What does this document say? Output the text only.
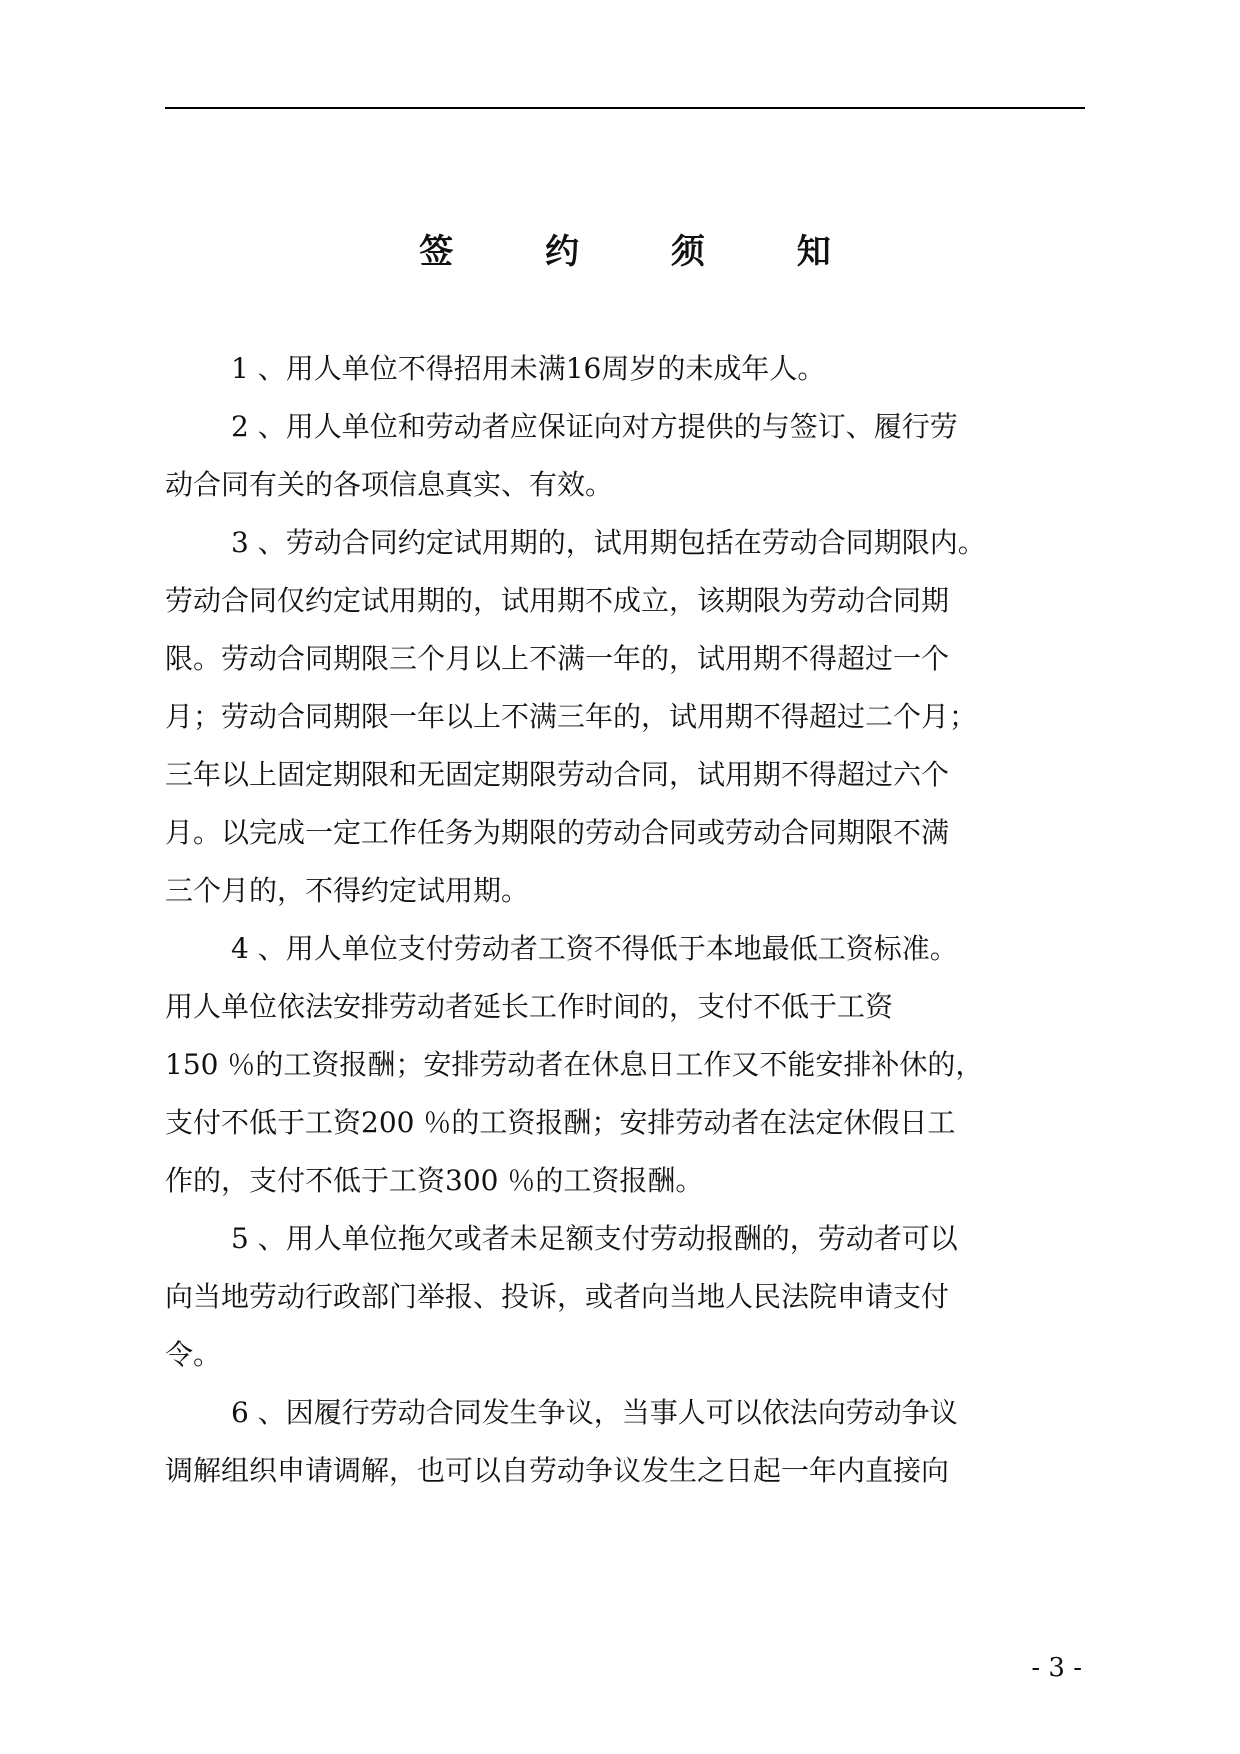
签 约 须 知

1 、用人单位不得招用未满16周岁的未成年人。

2 、用人单位和劳动者应保证向对方提供的与签订、履行劳
动合同有关的各项信息真实、有效。

3 、劳动合同约定试用期的，试用期包括在劳动合同期限内。
劳动合同仅约定试用期的，试用期不成立，该期限为劳动合同期
限。劳动合同期限三个月以上不满一年的，试用期不得超过一个
月；劳动合同期限一年以上不满三年的，试用期不得超过二个月；
三年以上固定期限和无固定期限劳动合同，试用期不得超过六个
月。以完成一定工作任务为期限的劳动合同或劳动合同期限不满
三个月的，不得约定试用期。

4 、用人单位支付劳动者工资不得低于本地最低工资标准。
用人单位依法安排劳动者延长工作时间的，支付不低于工资
150 ％的工资报酬；安排劳动者在休息日工作又不能安排补休的，
支付不低于工资200 ％的工资报酬；安排劳动者在法定休假日工
作的，支付不低于工资300 ％的工资报酬。

5 、用人单位拖欠或者未足额支付劳动报酬的，劳动者可以
向当地劳动行政部门举报、投诉，或者向当地人民法院申请支付
令。

6 、因履行劳动合同发生争议，当事人可以依法向劳动争议
调解组织申请调解，也可以自劳动争议发生之日起一年内直接向

- 3 -
